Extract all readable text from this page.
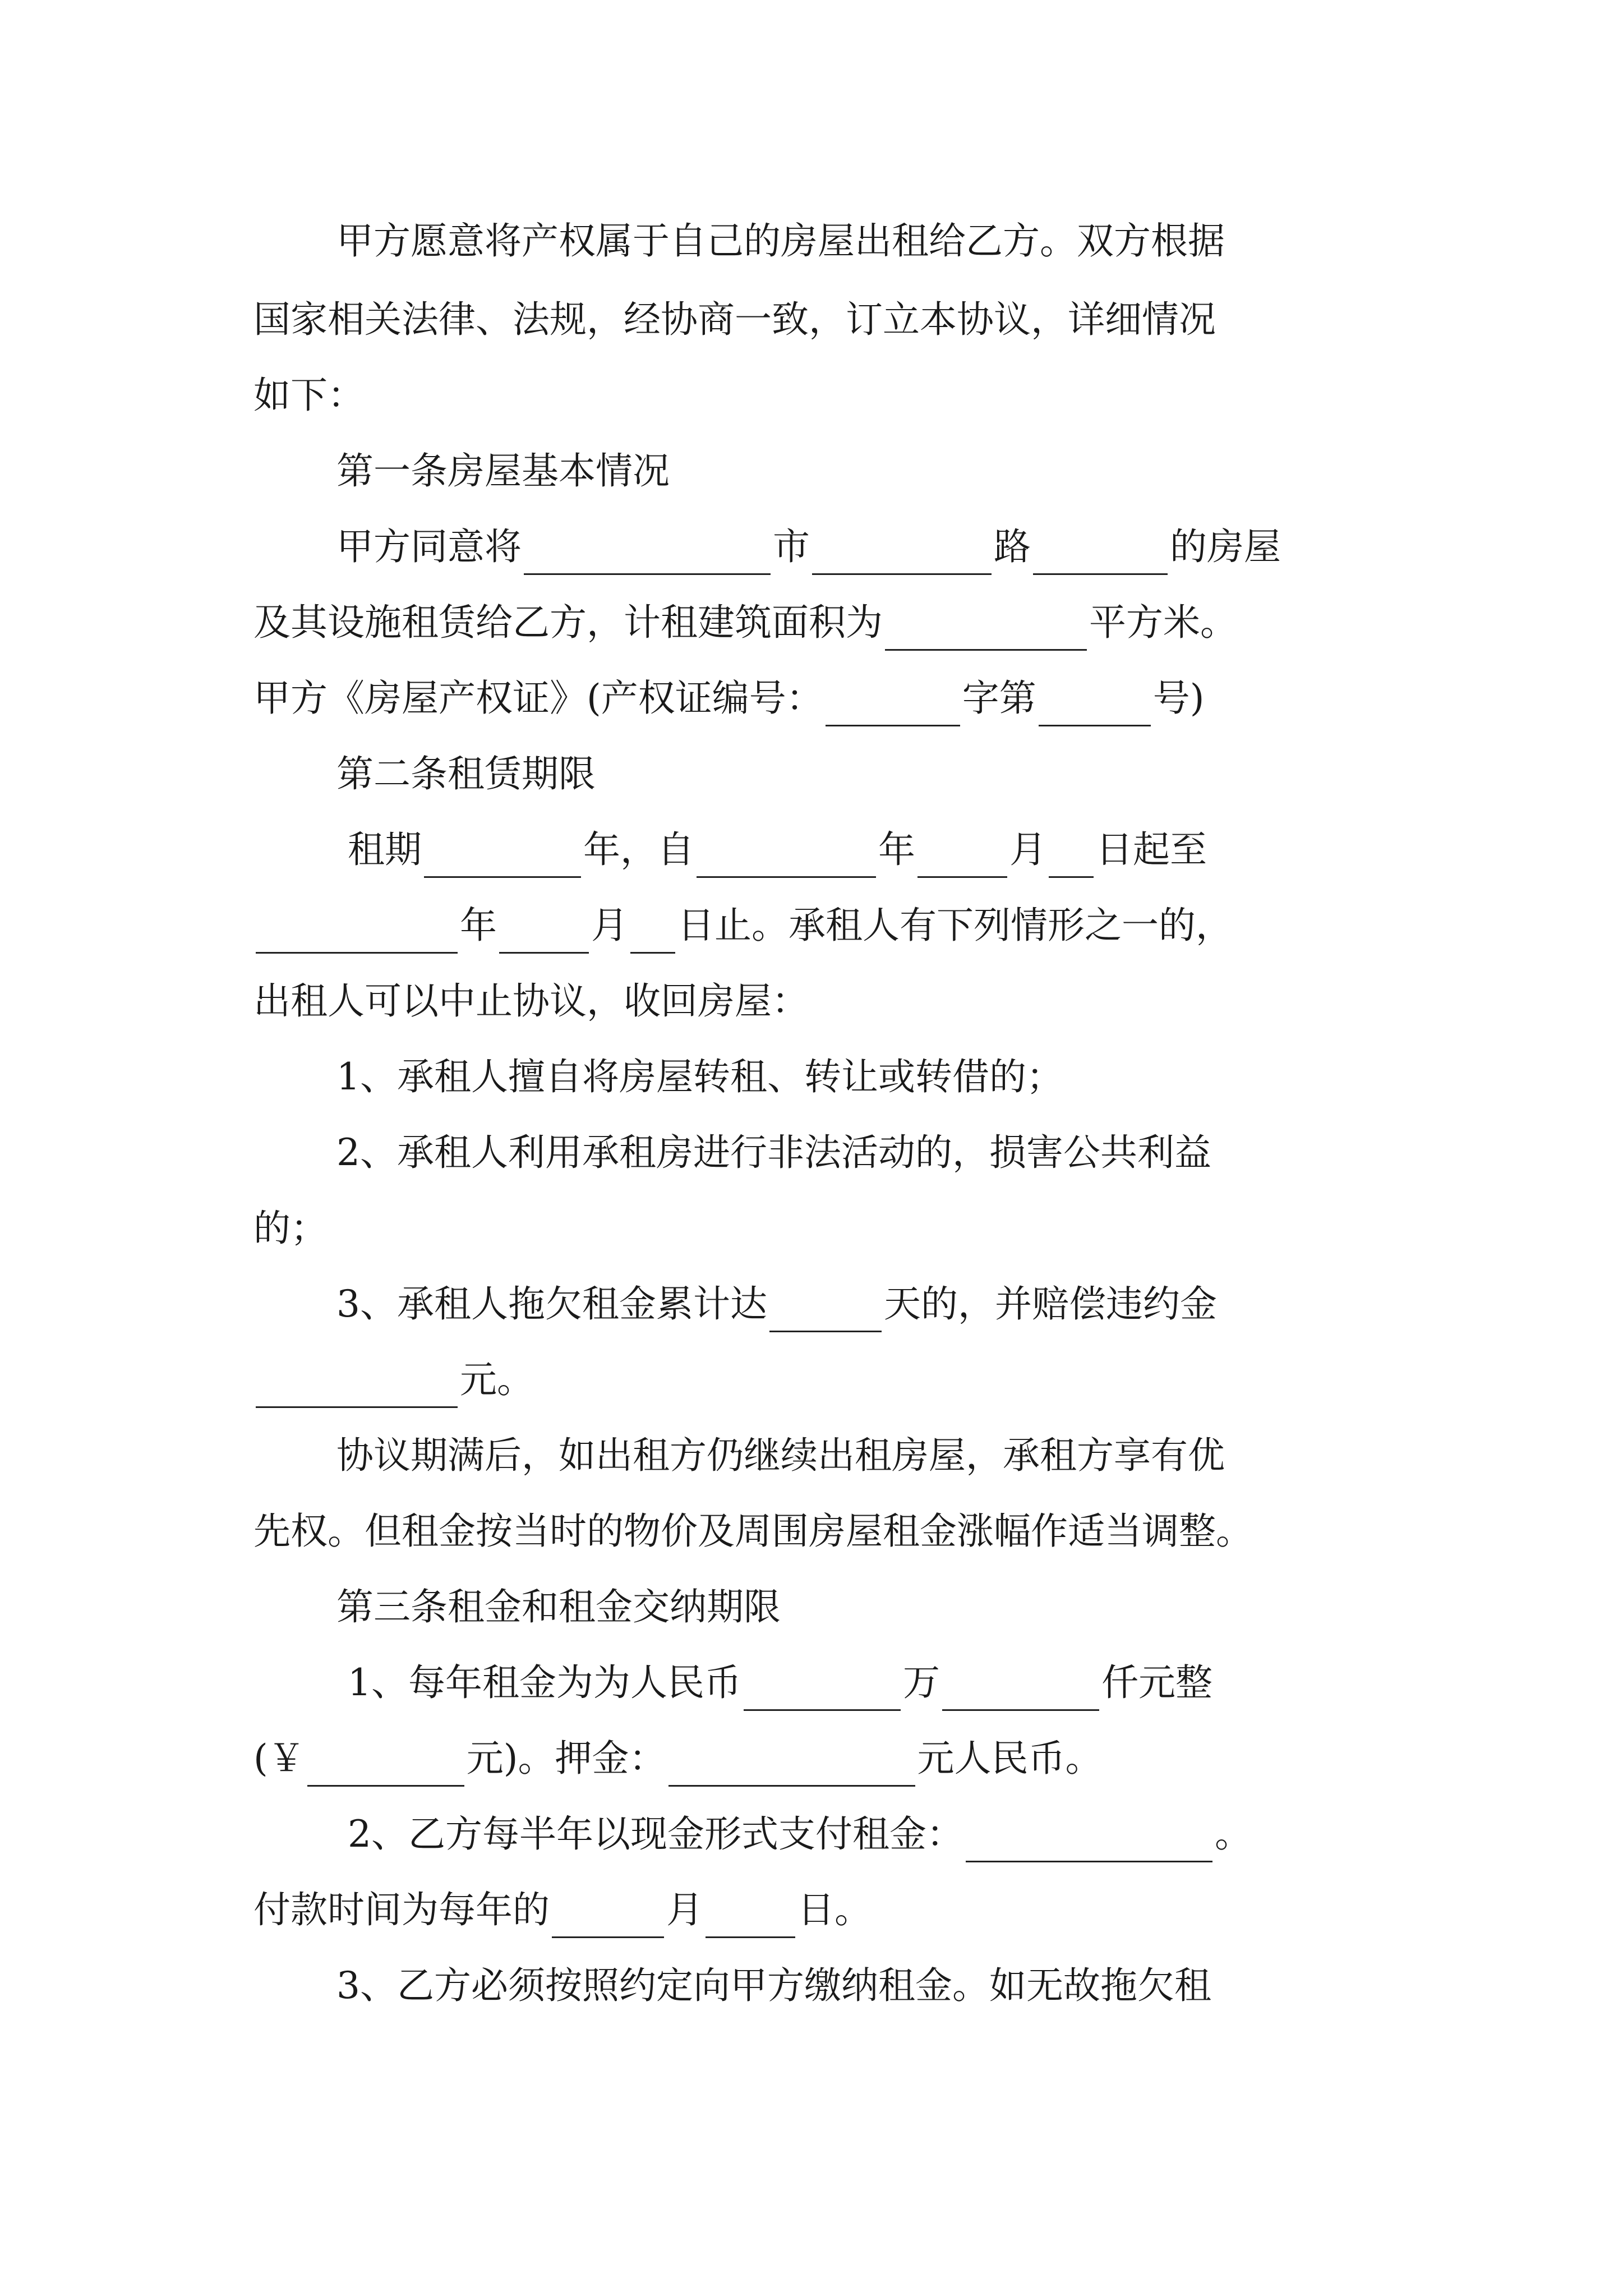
甲方愿意将产权属于自己的房屋出租给乙方。双方根据
国家相关法律、法规，经协商一致，订立本协议，详细情况
如下：
第一条房屋基本情况
甲方同意将	市	路	的房屋
及其设施租赁给乙方，计租建筑面积为	平方米。
甲方《房屋产权证》(产权证编号：	字第	号)
第二条租赁期限
租期	年，自	年	月 日起至
年	月 日止。承租人有下列情形之一的，
出租人可以中止协议，收回房屋：
1、承租人擅自将房屋转租、转让或转借的；
2、承租人利用承租房进行非法活动的，损害公共利益
的；
3、承租人拖欠租金累计达	天的，并赔偿违约金
元。
协议期满后，如出租方仍继续出租房屋，承租方享有优
先权。但租金按当时的物价及周围房屋租金涨幅作适当调整。
第三条租金和租金交纳期限
1、每年租金为为人民币	万	仟元整
(￥	元)。押金：	元人民币。
2、乙方每半年以现金形式支付租金：	。
付款时间为每年的	月	日。
3、乙方必须按照约定向甲方缴纳租金。如无故拖欠租
